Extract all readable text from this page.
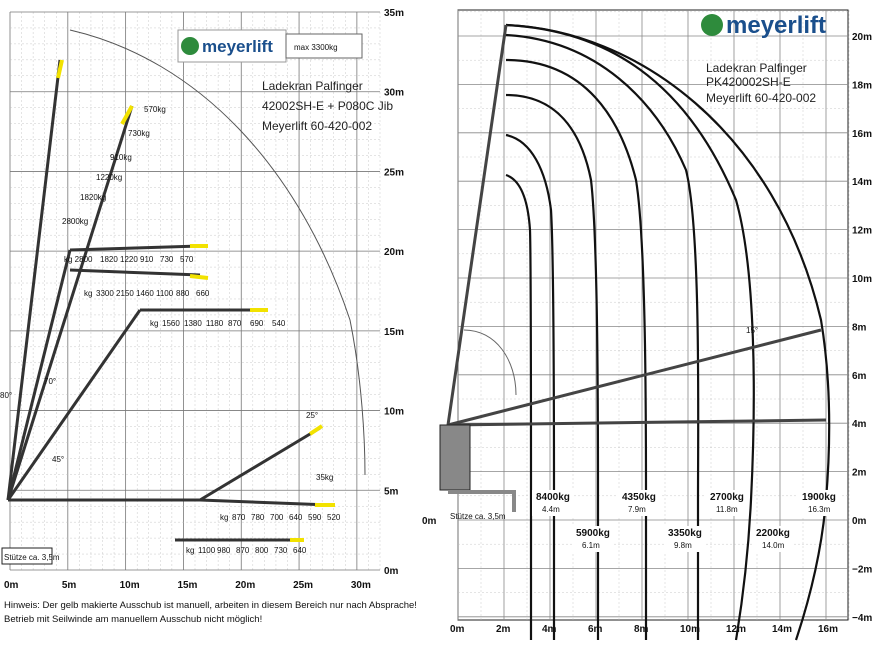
0m	5m	10m	15m	20m	25m	30m
35m
30m
25m
20m
15m
10m
5m
0m
meyerlift	max 3300kg
Ladekran Palfinger
42002SH-E + P080C Jib
Meyerlift 60-420-002
80°
70°
45°
25°
570kg
730kg
910kg
1220kg
1820kg
2800kg
kg 2800 1820 1220 910 730 570
kg 3300 2150 1460 1100 880 660
kg 1560 1380 1180 870 690 540
kg 870 780 700 640 590 520
kg 1100 980 870 800 730 640
35kg
Stütze ca. 3,5m
Hinweis: Der gelb makierte Ausschub ist manuell, arbeiten in diesem Bereich nur nach Absprache!
Betrieb mit Seilwinde am manuellem Ausschub nicht möglich!
0m	2m	4m	6m	8m	10m	12m	14m	16m
20m
18m
16m
14m
12m
10m
8m
6m
4m
2m
0m
−2m
−4m
0m
meyerlift
Ladekran Palfinger
PK420002SH-E
Meyerlift 60-420-002
15°
Stütze ca. 3,5m
8400kg
4.4m
5900kg
6.1m
4350kg
7.9m
3350kg
9.8m
2700kg
11.8m
2200kg
14.0m
1900kg
16.3m
